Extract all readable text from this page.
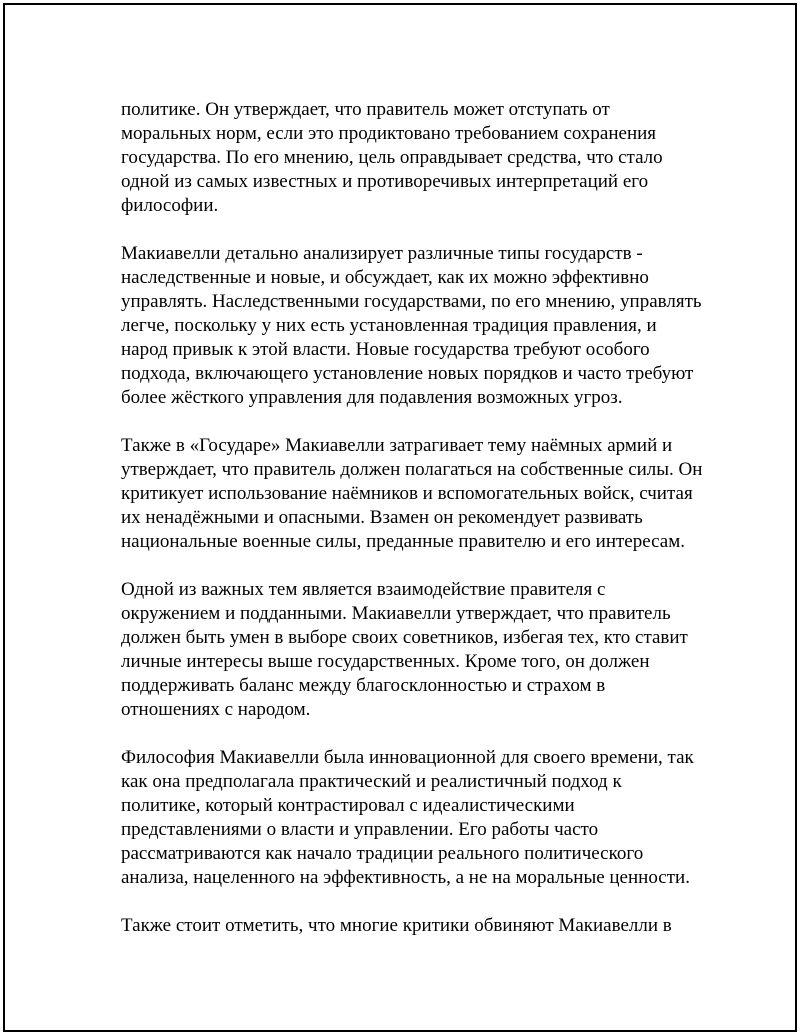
политике. Он утверждает, что правитель может отступать от
моральных норм, если это продиктовано требованием сохранения
государства. По его мнению, цель оправдывает средства, что стало
одной из самых известных и противоречивых интерпретаций его
философии.

Макиавелли детально анализирует различные типы государств -
наследственные и новые, и обсуждает, как их можно эффективно
управлять. Наследственными государствами, по его мнению, управлять
легче, поскольку у них есть установленная традиция правления, и
народ привык к этой власти. Новые государства требуют особого
подхода, включающего установление новых порядков и часто требуют
более жёсткого управления для подавления возможных угроз.

Также в «Государе» Макиавелли затрагивает тему наёмных армий и
утверждает, что правитель должен полагаться на собственные силы. Он
критикует использование наёмников и вспомогательных войск, считая
их ненадёжными и опасными. Взамен он рекомендует развивать
национальные военные силы, преданные правителю и его интересам.

Одной из важных тем является взаимодействие правителя с
окружением и подданными. Макиавелли утверждает, что правитель
должен быть умен в выборе своих советников, избегая тех, кто ставит
личные интересы выше государственных. Кроме того, он должен
поддерживать баланс между благосклонностью и страхом в
отношениях с народом.

Философия Макиавелли была инновационной для своего времени, так
как она предполагала практический и реалистичный подход к
политике, который контрастировал с идеалистическими
представлениями о власти и управлении. Его работы часто
рассматриваются как начало традиции реального политического
анализа, нацеленного на эффективность, а не на моральные ценности.

Также стоит отметить, что многие критики обвиняют Макиавелли в
